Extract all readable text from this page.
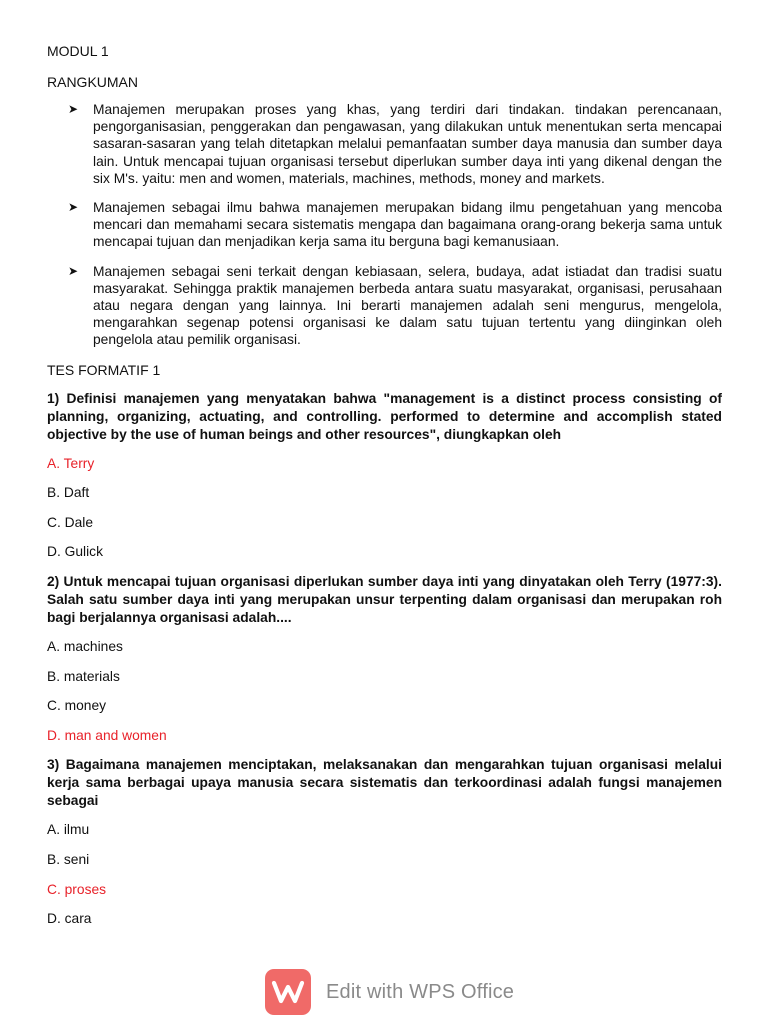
MODUL 1

RANGKUMAN

➤ Manajemen merupakan proses yang khas, yang terdiri dari tindakan. tindakan perencanaan, pengorganisasian, penggerakan dan pengawasan, yang dilakukan untuk menentukan serta mencapai sasaran-sasaran yang telah ditetapkan melalui pemanfaatan sumber daya manusia dan sumber daya lain. Untuk mencapai tujuan organisasi tersebut diperlukan sumber daya inti yang dikenal dengan the six M's. yaitu: men and women, materials, machines, methods, money and markets.
➤ Manajemen sebagai ilmu bahwa manajemen merupakan bidang ilmu pengetahuan yang mencoba mencari dan memahami secara sistematis mengapa dan bagaimana orang-orang bekerja sama untuk mencapai tujuan dan menjadikan kerja sama itu berguna bagi kemanusiaan.
➤ Manajemen sebagai seni terkait dengan kebiasaan, selera, budaya, adat istiadat dan tradisi suatu masyarakat. Sehingga praktik manajemen berbeda antara suatu masyarakat, organisasi, perusahaan atau negara dengan yang lainnya. Ini berarti manajemen adalah seni mengurus, mengelola, mengarahkan segenap potensi organisasi ke dalam satu tujuan tertentu yang diinginkan oleh pengelola atau pemilik organisasi.

TES FORMATIF 1

1) Definisi manajemen yang menyatakan bahwa "management is a distinct process consisting of planning, organizing, actuating, and controlling. performed to determine and accomplish stated objective by the use of human beings and other resources", diungkapkan oleh

A. Terry

B. Daft

C. Dale

D. Gulick

2) Untuk mencapai tujuan organisasi diperlukan sumber daya inti yang dinyatakan oleh Terry (1977:3). Salah satu sumber daya inti yang merupakan unsur terpenting dalam organisasi dan merupakan roh bagi berjalannya organisasi adalah....

A. machines

B. materials

C. money

D. man and women

3) Bagaimana manajemen menciptakan, melaksanakan dan mengarahkan tujuan organisasi melalui kerja sama berbagai upaya manusia secara sistematis dan terkoordinasi adalah fungsi manajemen sebagai

A. ilmu

B. seni

C. proses

D. cara

Edit with WPS Office
